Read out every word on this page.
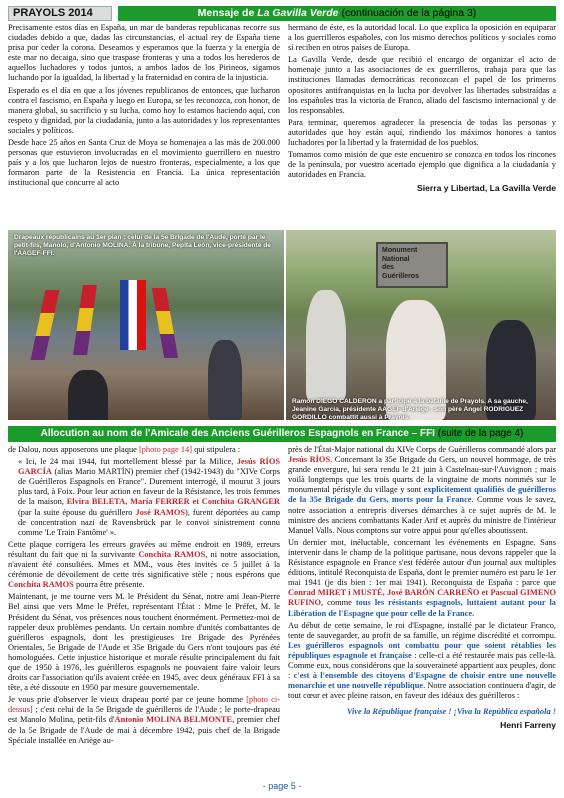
PRAYOLS 2014	Mensaje de La Gavilla Verde (continuación de la página 3)

Precisamente estos días en España, un mar de banderas republicanas recorre sus ciudades debido a que, dadas las circunstancias, el actual rey de España tiene prisa por ceder la corona. Deseamos y esperamos que la fuerza y la energía de este mar no decaiga, sino que traspase fronteras y una a todos los herederos de aquellos luchadores y todos juntos, a ambos lados de los Pirineos, sigamos luchando por la igualdad, la libertad y la fraternidad en contra de la injusticia.

Esperado es el día en que a los jóvenes republicanos de entonces, que lucharon contra el fascismo, en España y luego en Europa, se les reconozca, con honor, de manera global, su sacrificio y su lucha, como hoy lo estamos haciendo aquí, con respeto y dignidad, por la ciudadanía, junto a las autoridades y los representantes sociales y políticos.

Desde hace 25 años en Santa Cruz de Moya se homenajea a las más de 200.000 personas que estuvieron involucradas en el movimiento guerrillero en nuestro país y a los que lucharon lejos de nuestro fronteras, especialmente, a los que formaron parte de la Resistencia en Francia. La única representación institucional que concurre al acto

hermano de éste, es la autoridad local. Lo que explica la oposición en equiparar a los guerrilleros españoles, con los mismo derechos políticos y sociales como sí reciben en otros países de Europa.

La Gavilla Verde, desde que recibió el encargo de organizar el acto de homenaje junto a las asociaciones de ex guerrilleros, trabaja para que las instituciones llamadas democráticas reconozcan el papel de los primeros opositores antifranquistas en la lucha por devolver las libertades substraídas a los españoles tras la victoria de Franco, aliado del fascismo internacional y de los responsables.

Para terminar, queremos agradecer la presencia de todas las personas y autoridades que hoy están aquí, rindiendo los máximos honores a tantos luchadores por la libertad y la fraternidad de los pueblos.

Tomamos como misión de que este encuentro se conozca en todos los rincones de la península, por vuestro acertado ejemplo que dignifica a la ciudadanía y autoridades en Francia.

Sierra y Libertad, La Gavilla Verde
Drapeaux républicains au 1er plan : celui de la 5e Brigade de l'Aude, porté par le petit-fils, Manolo, d'Antonio MOLINA. À la tribune, Pepita León, vice-présidente de l'AAGEF-FFI.	Monument
National
des
Guérilleros
Ramon DIEGO CALDERON a participé à la bataille de Prayols. A sa gauche, Jeanine Garcia, présidente AAGEF d'Ariège : son père Angel RODRIGUEZ GORDILLO combattit aussi à Prayols.
Allocution au nom de l'Amicale des Anciens Guérilleros Espagnols en France – FFI (suite de la page 4)

de Dalou, nous apposerons une plaque [photo page 14] qui stipulera :

« Ici, le 24 mai 1944, fut mortellement blessé par la Milice, Jesús RÍOS GARCÍA (alias Mario MARTÍN) premier chef (1942-1943) du "XIVe Corps de Guérilleros Espagnols en France". Durement interrogé, il mourut 3 jours plus tard, à Foix. Pour leur action en faveur de la Résistance, les trois femmes de la maison, Elvira BELETA, María FERRER et Conchita GRANGER (par la suite épouse du guérillero José RAMOS), furent déportées au camp de concentration nazi de Ravensbrück par le convoi sinistrement connu comme 'Le Train Fantôme' ».

Cette plaque corrigera les erreurs gravées au même endroit en 1989, erreurs résultant du fait que ni la survivante Conchita RAMOS, ni notre association, n'avaient été consultées. Mmes et MM., vous êtes invités ce 5 juillet à la cérémonie de dévoilement de cette très significative stèle ; nous espérons que Conchita RAMOS pourra être présente.

Maintenant, je me tourne vers M. le Président du Sénat, notre ami Jean-Pierre Bel ainsi que vers Mme le Préfet, représentant l'État : Mme le Préfet, M. le Président du Sénat, vos présences nous touchent énormément. Permettez-moi de rappeler deux problèmes pendants. Un certain nombre d'unités combattantes de guérilleros espagnols, dont les prestigieuses 1re Brigade des Pyrénées Orientales, 5e Brigade de l'Aude et 35e Brigade du Gers n'ont toujours pas été homologuées. Cette injustice historique et morale résulte principalement du fait que de 1950 à 1976, les guérilleros espagnols ne pouvaient faire valoir leurs droits car l'association qu'ils avaient créée en 1945, avec deux généraux FFI à sa tête, a été dissoute en 1950 par mesure gouvernementale.

Je vous prie d'observer le vieux drapeau porté par ce jeune homme [photo ci-dessus] ; c'est celui de la 5e Brigade de guérilleros de l'Aude ; le porte-drapeau est Manolo Molina, petit-fils d'Antonio MOLINA BELMONTE, premier chef de la 5e Brigade de l'Aude de mai à décembre 1942, puis chef de la Brigade Spéciale installée en Ariège au-

près de l'État-Major national du XIVe Corps de Guérilleros commandé alors par Jesús RÍOS. Concernant la 35e Brigade du Gers, un nouvel hommage, de très grande envergure, lui sera rendu le 21 juin à Castelnau-sur-l'Auvignon ; mais voilà longtemps que les trois quarts de la vingtaine de morts nommés sur le monumental péristyle du village y sont explicitement qualifiés de guérilleros de la 35e Brigade du Gers, morts pour la France. Comme vous le savez, notre association a entrepris diverses démarches à ce sujet auprès de M. le ministre des anciens combattants Kader Arif et auprès du ministre de l'intérieur Manuel Valls. Nous comptons sur votre appui pour qu'elles aboutissent.

Un dernier mot, inéluctable, concernant les événements en Espagne. Sans intervenir dans le champ de la politique partisane, nous devons rappeler que la Résistance espagnole en France s'est fédérée autour d'un journal aux multiples éditions, intitulé Reconquista de España, dont le premier numéro est paru le 1er mai 1941 (je dis bien : 1er mai 1941). Reconquista de España : parce que Conrad MIRET i MUSTÉ, José BARÓN CARREÑO et Pascual GIMENO RUFINO, comme tous les résistants espagnols, luttaient autant pour la Libération de l'Espagne que pour celle de la France.

Au début de cette semaine, le roi d'Espagne, installé par le dictateur Franco, tente de sauvegarder, au profit de sa famille, un régime discrédité et corrompu. Les guérilleros espagnols ont combattu pour que soient rétablies les républiques espagnole et française : celle-ci a été restaurée mais pas celle-là. Comme eux, nous considérons que la souveraineté appartient aux peuples, donc : c'est à l'ensemble des citoyens d'Espagne de choisir entre une nouvelle monarchie et une nouvelle république. Notre association continuera d'agir, de tout cœur et avec pleine raison, en faveur des idéaux des guérilleros :

Vive la République française ! ¡Viva la República española !
Henri Farreny
- page 5 -
